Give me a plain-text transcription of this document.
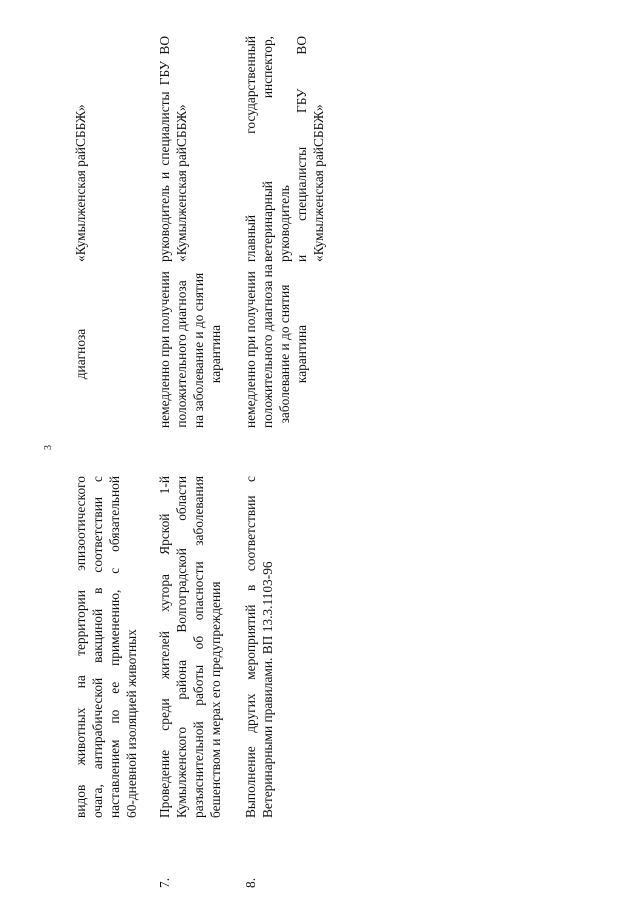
3
видов животных на территории эпизоотического очага, антирабической вакциной в соответствии с наставлением по ее применению, с обязательной 60-дневной изоляцией животных
диагноза
«Кумылженская райСББЖ»
7.
Проведение среди жителей хутора Ярской 1-й Кумылженского района Волгоградской области разъяснительной работы об опасности заболевания бешенством и мерах его предупреждения
немедленно при получении положительного диагноза на заболевание и до снятия карантина
руководитель и специалисты ГБУ ВО «Кумылженская райСББЖ»
8.
Выполнение других мероприятий в соответствии с Ветеринарными правилами. ВП 13.3.1103-96
немедленно при получении положительного диагноза на заболевание и до снятия карантина
главный государственный ветеринарный инспектор, руководитель и специалисты ГБУ ВО «Кумылженская райСББЖ»
